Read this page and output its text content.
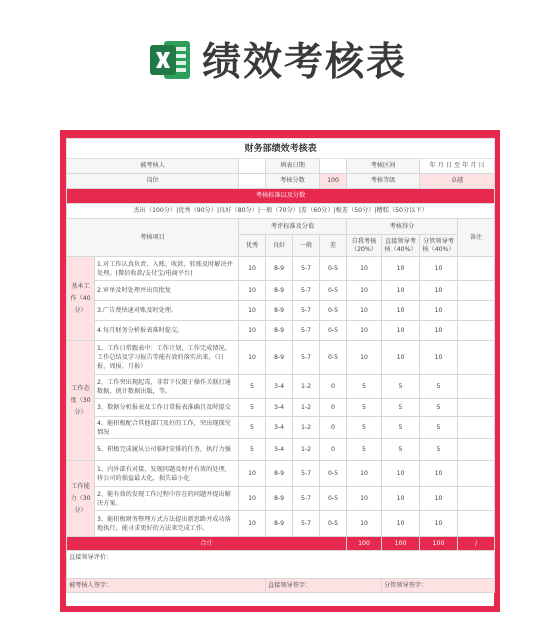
绩效考核表
财务部绩效考核表									
被考核人			填表日期			考核区间		年 月 日 至 年 月 日	
岗位			考核分数		100	考核等级		卓越	
考核标准以及分数									
杰出（100分）|优秀（90分）|良好（80分）|一般（70分）|差（60分）|极差（50分）|糟糕（50分以下）									
考核项目		考评标准及分值				考核得分			备注
		优秀	良好	一般	差	自我考核（20%）	直接领导考核（40%）	分管领导考核（40%）	
基本工作（40分）	1.对工作认真负责，入账、收款、转账及时解决并处理。(微信收款/支付宝/电商平台)	10	8-9	5-7	0-5	10	10	10	
	2.审单及时处理并出页批复	10	8-9	5-7	0-5	10	10	10	
	3.广告费快速对账及时处理。	10	8-9	5-7	0-5	10	10	10	
	4.每月财务分析报表准时提交。	10	8-9	5-7	0-5	10	10	10	
工作态度（30分）	1、工作日常跟表中：工作计划、工作完成情况、工作总结及学习报告等能有效的落实出来。（日报、周报、月报）	10	8-9	5-7	0-5	10	10	10	
	2、工作突出现起毒，非常下仅限于操作关联打通数据，统计数据出版，等。	5	3-4	1-2	0	5	5	5	
	3、数据分析报表及工作日常报表准确且及时提交	5	3-4	1-2	0	5	5	5	
	4、能积极配合其他部门及好的工作，突出现探究情况	5	3-4	1-2	0	5	5	5	
	5、积极完成履从公司临时安排的任务，执行力强	5	3-4	1-2	0	5	5	5	
工作能力（30分）	1、内外部有对接，发现问题及时并有效的处理，将公司的损益最大化，损失最小化	10	8-9	5-7	0-5	10	10	10	
	2、能有效的发现工作过程中存在的问题并提出解决方案。	10	8-9	5-7	0-5	10	10	10	
	3、能积极财务整理方式方法提出新思路并成功落地执行，能寻求更好的方法来完成工作。	10	8-9	5-7	0-5	10	10	10	
合计						100	100	100	/
直接领导评价：									
被考核人签字：			直接领导签字：				分管领导签字：		
